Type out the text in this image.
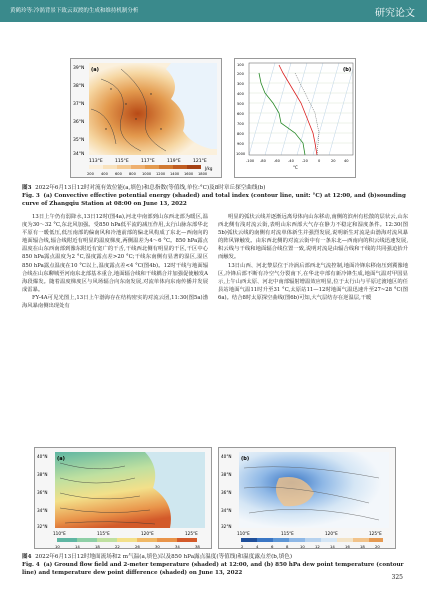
黄鹤玲等:冷涡背景下致云双渡的生成和维持机制分析	研究论文
39°N
38°N
37°N
36°N
35°N
34°N
113°E	115°E	117°E	119°E	121°E
200 400 600 800 1000 1200 1400 1600 1800
J/kg
(a)
100
200
300
400
500
600
700
800
900
1000
-100 -80 -60 -40 -20	0	20 40
°C
(b)
图3 2022年6月13日12时对流有效位能(a,填色)和总指数(等值线,单位:°C)及8时章丘探空曲线(b)
Fig. 3 (a) Convective effective potential energy (shaded) and total index (contour line, unit: °C) at 12:00, and (b)sounding curve of Zhangqiu Station at 08:00 on June 13, 2022

13日上午仍有弱降水,13日12时(图4a),河北中南部到山东西北部为暖区,温度为30～32 °C,东北风加强。受850 hPa低平流的减压作用,太行山脉东部华北平原有一暖低压,低压南部的偏南风和冷池前部的偏北风构成了东北—西南向的地面辐合线,辐合线附近有明显的温度梯度,两侧温差为4～6 °C。850 hPa露点温度在山东西南部到豫东附近有宽广的干舌,干线西北侧有明显的干区,干区中心850 hPa露点温度为2 °C,湿度露点差>20 °C;干线东南侧有显著的湿区,湿区850 hPa露点温度在10 °C以上,温度露点差<4 °C(图4b)。12时干线与地面辐合线在山东聊城至河南东北部基本重合,地面辐合线和干线耦合并加强促使触发A海段爆发。随着温度梯度区与风场辐合向东南发展,对流单体向东南传播并发展成雷暴。

FY-4A可见光图上,13日上午渤海存在结构密实的对流云团,11:30(图5a)渤海风暴南侧出现处有

明显的弧状云线并逐渐远离母体向山东移动,南侧的滨州有松散的层状云,山东西北侧有浅对流云街,表明山东西部大气存在静力不稳定和湿度条件。12:30(图5b)弧状云线的南侧有对流单体新生并强烈发展,说明新生对流是由渤海对流风暴的阵风锋触发。由东西北侧的对流云街中有一条东北—西南向的积云线迅速发展,积云线与干线和地面辐合线位置一致,说明对流是由辐合线和干线的共同强迫抬升而触发。

13日山西、河北黎层位于冷涡后部西北气流控制,地面冷锋东移南压到冀豫地区,冷锋后部不断有冷空气分裂南下,在华北中部有新冷锋生成,地面气温对甲国显示,上午山西太原、河北中南部辐射增温效应明显,位于太行山与平原过渡地区的任县站地面气温11时升至31 °C,太原站11—12时地面气温迅速升至27~28 °C(图6a)。结合8时太原探空曲线(图6b)可知,大气层结存在逆温层,干暖

40°N
38°N
36°N
34°N
32°N
110°E	115°E	120°E	125°E
10	14	18	22	26	30	34	38
(a)	40°N
38°N
36°N
34°N
32°N
110°E	115°E	120°E	125°E
2	4	6	8	10	12	14	16	18	20
(b)
图4 2022年6月13日12时地面流场和2 m气温(a,填色)以及850 hPa露点温度(等值线)和温度露点差(b,填色)
Fig. 4 (a) Ground flow field and 2-meter temperature (shaded) at 12:00, and (b) 850 hPa dew point temperature (contour line) and temperature dew point difference (shaded) on June 13, 2022
325
